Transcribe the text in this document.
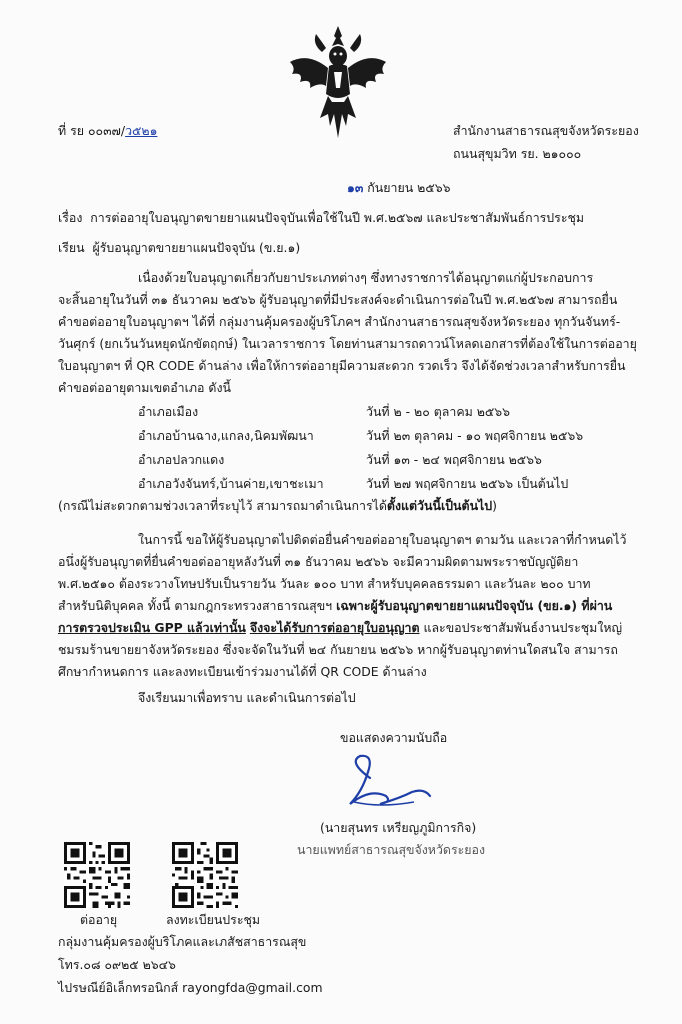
ที่ รย ๐๐๓๗/ว๕๒๑	สำนักงานสาธารณสุขจังหวัดระยอง
ถนนสุขุมวิท รย. ๒๑๐๐๐
๑๓ กันยายน ๒๕๖๖
เรื่อง การต่ออายุใบอนุญาตขายยาแผนปัจจุบันเพื่อใช้ในปี พ.ศ.๒๕๖๗ และประชาสัมพันธ์การประชุม
เรียน ผู้รับอนุญาตขายยาแผนปัจจุบัน (ข.ย.๑)
เนื่องด้วยใบอนุญาตเกี่ยวกับยาประเภทต่างๆ ซึ่งทางราชการได้อนุญาตแก่ผู้ประกอบการ
จะสิ้นอายุในวันที่ ๓๑ ธันวาคม ๒๕๖๖ ผู้รับอนุญาตที่มีประสงค์จะดำเนินการต่อในปี พ.ศ.๒๕๖๗ สามารถยื่น
คำขอต่ออายุใบอนุญาตฯ ได้ที่ กลุ่มงานคุ้มครองผู้บริโภคฯ สำนักงานสาธารณสุขจังหวัดระยอง ทุกวันจันทร์-
วันศุกร์ (ยกเว้นวันหยุดนักขัตฤกษ์) ในเวลาราชการ โดยท่านสามารถดาวน์โหลดเอกสารที่ต้องใช้ในการต่ออายุ
ใบอนุญาตฯ ที่ QR CODE ด้านล่าง เพื่อให้การต่ออายุมีความสะดวก รวดเร็ว จึงได้จัดช่วงเวลาสำหรับการยื่น
คำขอต่ออายุตามเขตอำเภอ ดังนี้
อำเภอเมือง	วันที่ ๒ - ๒๐ ตุลาคม ๒๕๖๖
อำเภอบ้านฉาง,แกลง,นิคมพัฒนา	วันที่ ๒๓ ตุลาคม - ๑๐ พฤศจิกายน ๒๕๖๖
อำเภอปลวกแดง	วันที่ ๑๓ - ๒๔ พฤศจิกายน ๒๕๖๖
อำเภอวังจันทร์,บ้านค่าย,เขาชะเมา	วันที่ ๒๗ พฤศจิกายน ๒๕๖๖ เป็นต้นไป
(กรณีไม่สะดวกตามช่วงเวลาที่ระบุไว้ สามารถมาดำเนินการได้ตั้งแต่วันนี้เป็นต้นไป)
ในการนี้ ขอให้ผู้รับอนุญาตไปติดต่อยื่นคำขอต่ออายุใบอนุญาตฯ ตามวัน และเวลาที่กำหนดไว้
อนึ่งผู้รับอนุญาตที่ยื่นคำขอต่ออายุหลังวันที่ ๓๑ ธันวาคม ๒๕๖๖ จะมีความผิดตามพระราชบัญญัติยา
พ.ศ.๒๕๑๐ ต้องระวางโทษปรับเป็นรายวัน วันละ ๑๐๐ บาท สำหรับบุคคลธรรมดา และวันละ ๒๐๐ บาท
สำหรับนิติบุคคล ทั้งนี้ ตามกฎกระทรวงสาธารณสุขฯ เฉพาะผู้รับอนุญาตขายยาแผนปัจจุบัน (ขย.๑) ที่ผ่าน
การตรวจประเมิน GPP แล้วเท่านั้น จึงจะได้รับการต่ออายุใบอนุญาต และขอประชาสัมพันธ์งานประชุมใหญ่
ชมรมร้านขายยาจังหวัดระยอง ซึ่งจะจัดในวันที่ ๒๔ กันยายน ๒๕๖๖ หากผู้รับอนุญาตท่านใดสนใจ สามารถ
ศึกษากำหนดการ และลงทะเบียนเข้าร่วมงานได้ที่ QR CODE ด้านล่าง
จึงเรียนมาเพื่อทราบ และดำเนินการต่อไป
ขอแสดงความนับถือ
(นายสุนทร เหรียญภูมิการกิจ)
นายแพทย์สาธารณสุขจังหวัดระยอง
ต่ออายุ	ลงทะเบียนประชุม
กลุ่มงานคุ้มครองผู้บริโภคและเภสัชสาธารณสุข
โทร.๐๘ ๐๙๒๕ ๒๖๔๖
ไปรษณีย์อิเล็กทรอนิกส์ rayongfda@gmail.com
